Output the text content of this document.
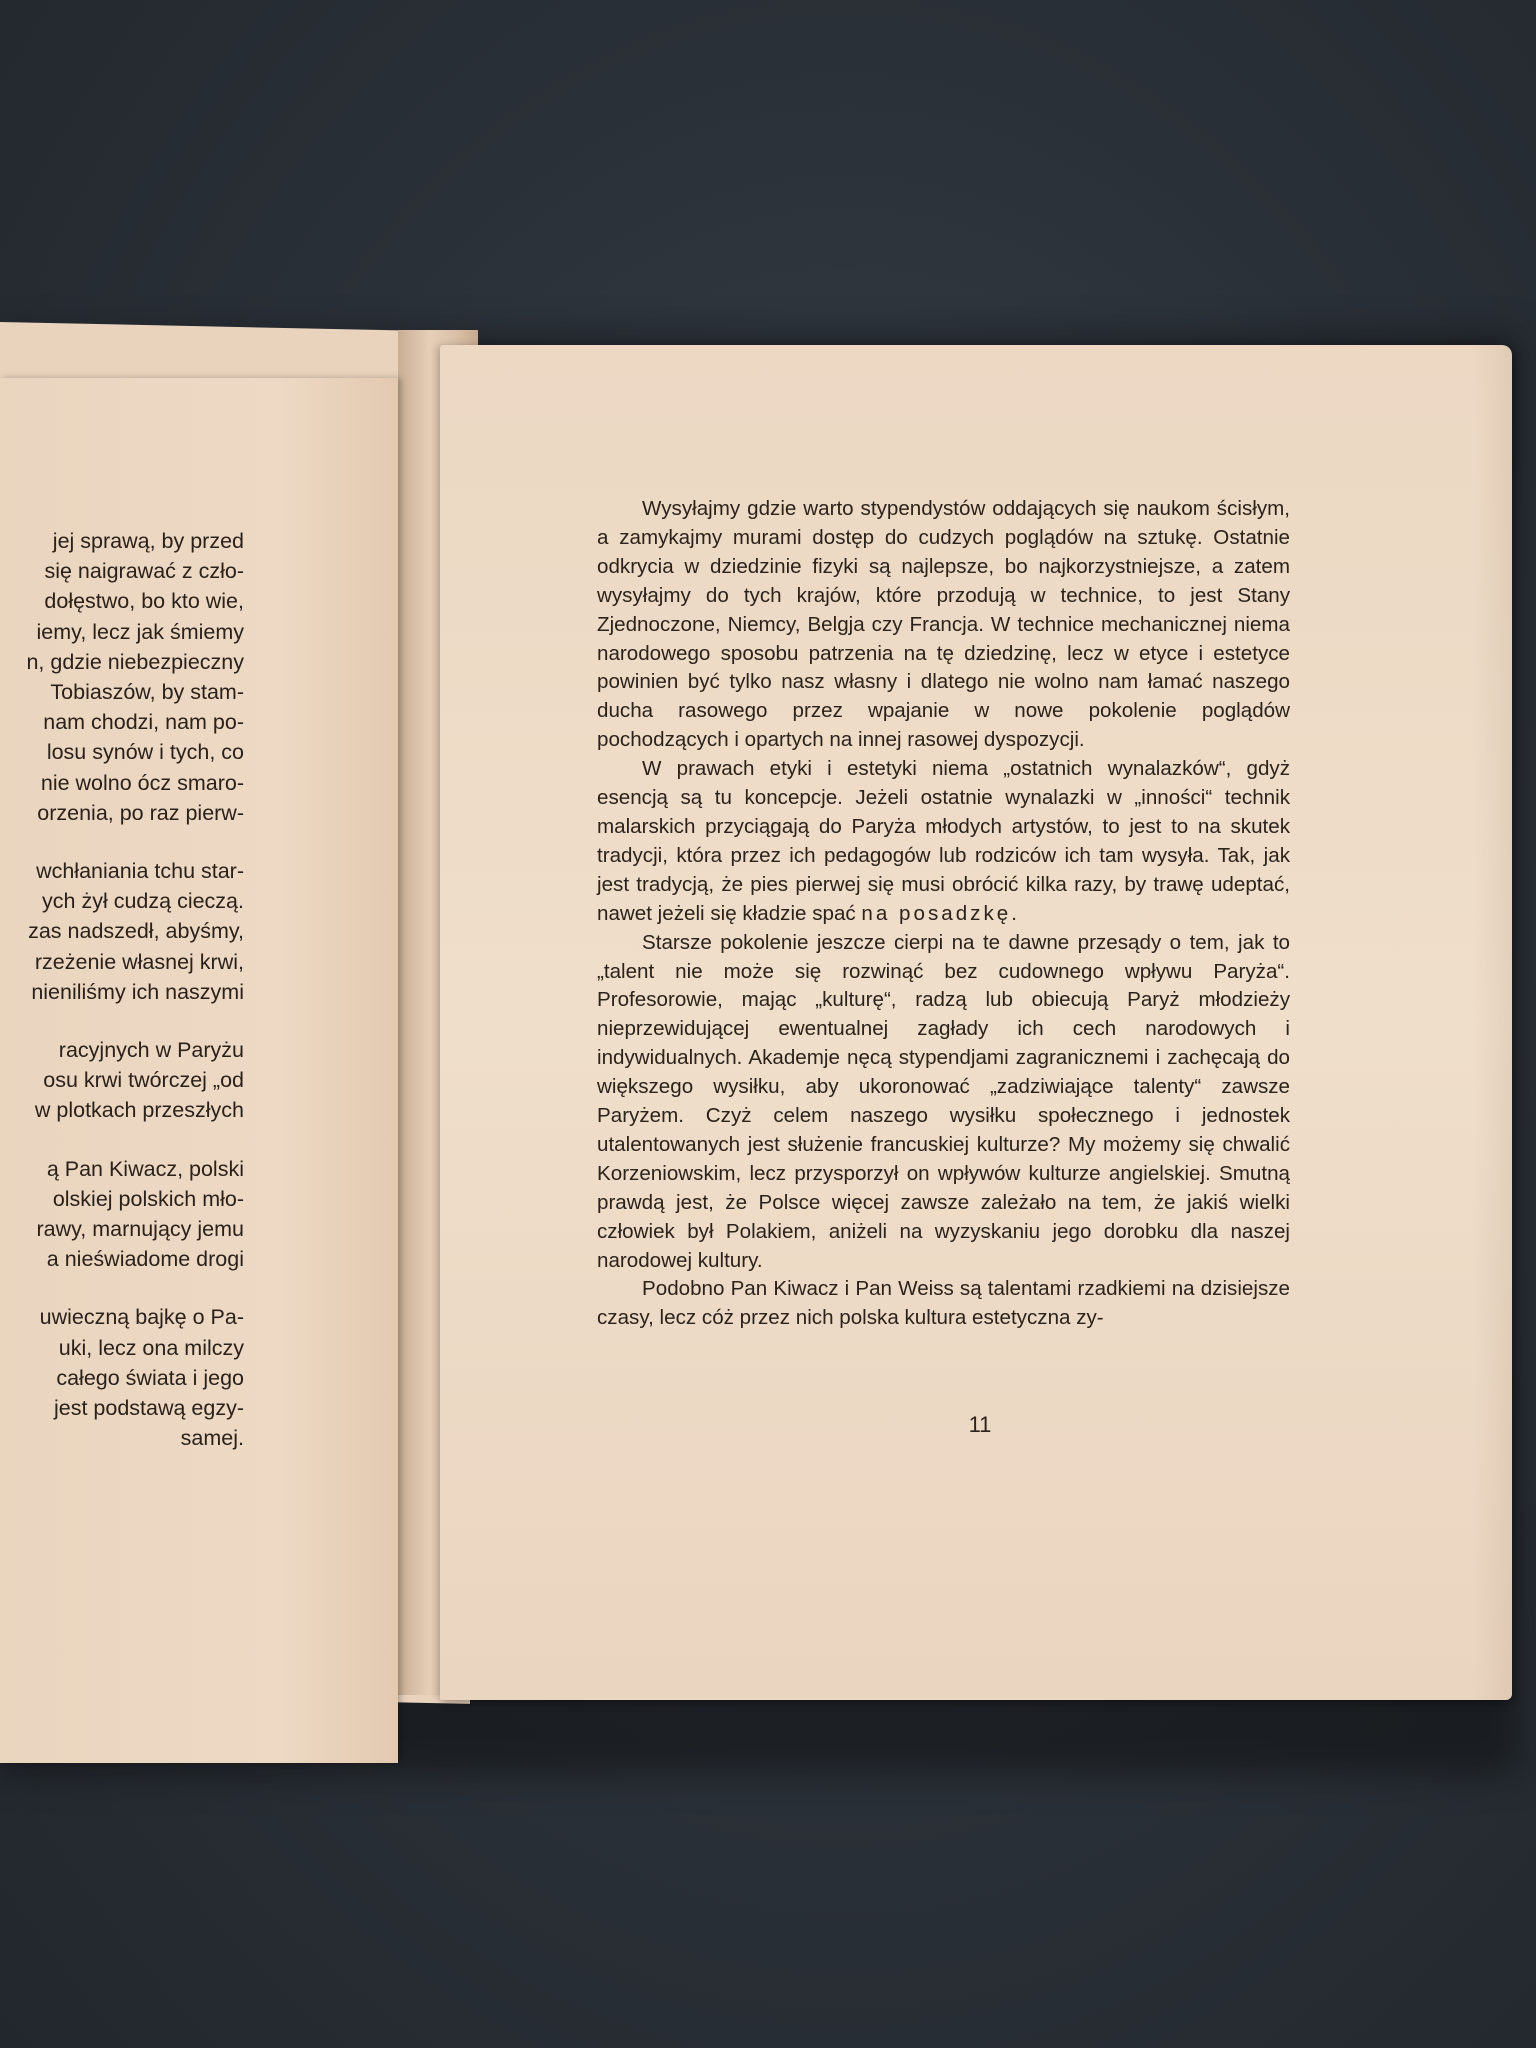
jej sprawą, by przed
się naigrawać z czło-
dołęstwo, bo kto wie,
iemy, lecz jak śmiemy
n, gdzie niebezpieczny
Tobiaszów, by stam-
nam chodzi, nam po-
losu synów i tych, co
nie wolno ócz smaro-
orzenia, po raz pierw-
wchłaniania tchu star-
ych żył cudzą cieczą.
zas nadszedł, abyśmy,
rzeżenie własnej krwi,
nieniliśmy ich naszymi
racyjnych w Paryżu
osu krwi twórczej „od
w plotkach przeszłych
ą Pan Kiwacz, polski
olskiej polskich mło-
rawy, marnujący jemu
a nieświadome drogi
uwieczną bajkę o Pa-
uki, lecz ona milczy
całego świata i jego
jest podstawą egzy-
samej.

Wysyłajmy gdzie warto stypendystów oddających się naukom ścisłym, a zamykajmy murami dostęp do cudzych poglądów na sztukę. Ostatnie odkrycia w dziedzinie fizyki są najlepsze, bo najkorzystniejsze, a zatem wysyłajmy do tych krajów, które przodują w technice, to jest Stany Zjednoczone, Niemcy, Belgja czy Francja. W technice mechanicznej niema narodowego sposobu patrzenia na tę dziedzinę, lecz w etyce i estetyce powinien być tylko nasz własny i dlatego nie wolno nam łamać naszego ducha rasowego przez wpajanie w nowe pokolenie poglądów pochodzących i opartych na innej rasowej dyspozycji.

W prawach etyki i estetyki niema „ostatnich wynalazków“, gdyż esencją są tu koncepcje. Jeżeli ostatnie wynalazki w „inności“ technik malarskich przyciągają do Paryża młodych artystów, to jest to na skutek tradycji, która przez ich pedagogów lub rodziców ich tam wysyła. Tak, jak jest tradycją, że pies pierwej się musi obrócić kilka razy, by trawę udeptać, nawet jeżeli się kładzie spać na posadzkę.

Starsze pokolenie jeszcze cierpi na te dawne przesądy o tem, jak to „talent nie może się rozwinąć bez cudownego wpływu Paryża“. Profesorowie, mając „kulturę“, radzą lub obiecują Paryż młodzieży nieprzewidującej ewentualnej zagłady ich cech narodowych i indywidualnych. Akademje nęcą stypendjami zagranicznemi i zachęcają do większego wysiłku, aby ukoronować „zadziwiające talenty“ zawsze Paryżem. Czyż celem naszego wysiłku społecznego i jednostek utalentowanych jest służenie francuskiej kulturze? My możemy się chwalić Korzeniowskim, lecz przysporzył on wpływów kulturze angielskiej. Smutną prawdą jest, że Polsce więcej zawsze zależało na tem, że jakiś wielki człowiek był Polakiem, aniżeli na wyzyskaniu jego dorobku dla naszej narodowej kultury.

Podobno Pan Kiwacz i Pan Weiss są talentami rzadkiemi na dzisiejsze czasy, lecz cóż przez nich polska kultura estetyczna zy-

11
